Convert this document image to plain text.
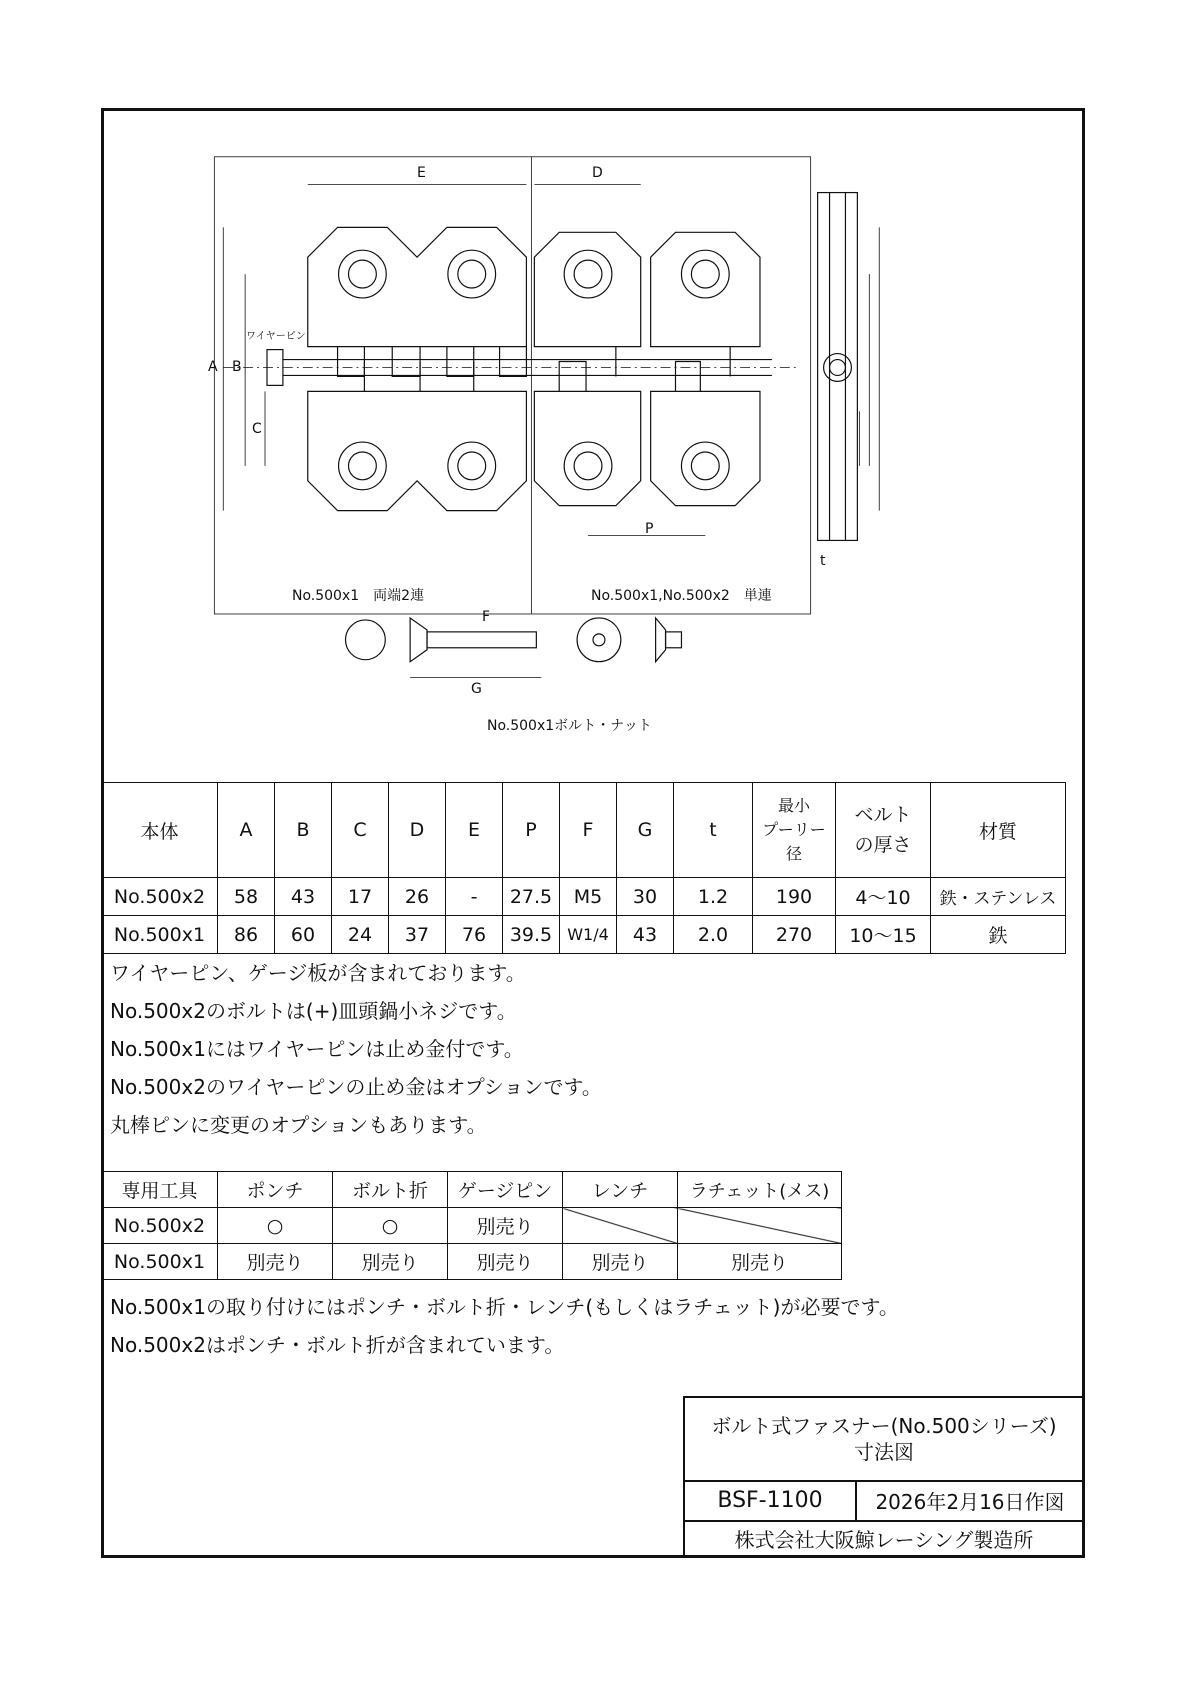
E	D
A B
C
P
t
F
G
ワイヤーピン
No.500x1　両端2連	No.500x1,No.500x2　単連
No.500x1ボルト・ナット
本体	A	B	C	D	E	P	F	G	t	最小
プーリー
径	ベルト
の厚さ	材質
No.500x2	58	43	17	26	-	27.5	M5	30	1.2	190	4〜10	鉄・ステンレス
No.500x1	86	60	24	37	76	39.5	W1/4	43	2.0	270	10〜15	鉄
ワイヤーピン、ゲージ板が含まれております。
No.500x2のボルトは(+)皿頭鍋小ネジです。
No.500x1にはワイヤーピンは止め金付です。
No.500x2のワイヤーピンの止め金はオプションです。
丸棒ピンに変更のオプションもあります。
専用工具	ポンチ	ボルト折	ゲージピン	レンチ	ラチェット(メス)
No.500x2	○	○	別売り		
No.500x1	別売り	別売り	別売り	別売り	別売り
No.500x1の取り付けにはポンチ・ボルト折・レンチ(もしくはラチェット)が必要です。
No.500x2はポンチ・ボルト折が含まれています。
ボルト式ファスナー(No.500シリーズ)
寸法図
BSF-1100	2026年2月16日作図
株式会社大阪鯨レーシング製造所
